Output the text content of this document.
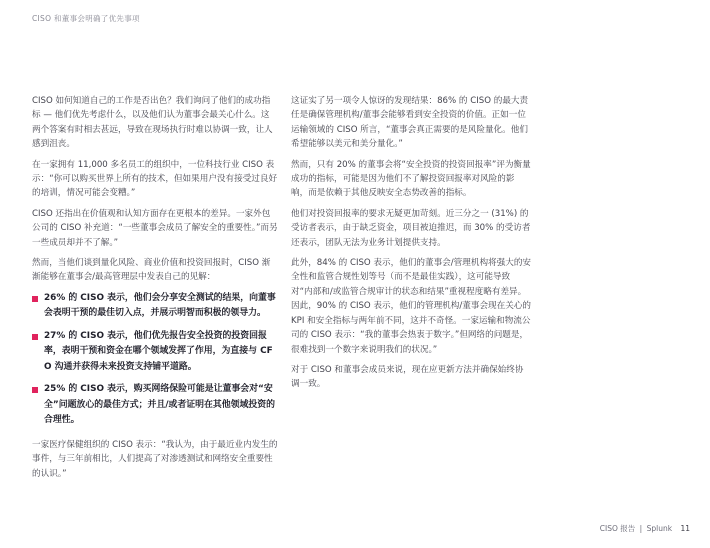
CISO 和董事会明确了优先事项

CISO 如何知道自己的工作是否出色？我们询问了他们的成功指标 — 他们优先考虑什么，以及他们认为董事会最关心什么。这两个答案有时相去甚远，导致在现场执行时难以协调一致，让人感到沮丧。

在一家拥有 11,000 多名员工的组织中，一位科技行业 CISO 表示：“你可以购买世界上所有的技术，但如果用户没有接受过良好的培训，情况可能会变糟。”

CISO 还指出在价值观和认知方面存在更根本的差异。一家外包公司的 CISO 补充道：“一些董事会成员了解安全的重要性。”而另一些成员却并不了解。”

然而，当他们谈到量化风险、商业价值和投资回报时，CISO 渐渐能够在董事会/最高管理层中发表自己的见解：

26% 的 CISO 表示，他们会分享安全测试的结果，向董事会表明干预的最佳切入点，并展示明智而积极的领导力。
27% 的 CISO 表示，他们优先报告安全投资的投资回报率，表明干预和资金在哪个领域发挥了作用，为直接与 CFO 沟通并获得未来投资支持铺平道路。
25% 的 CISO 表示，购买网络保险可能是让董事会对“安全”问题放心的最佳方式；并且/或者证明在其他领域投资的合理性。

一家医疗保健组织的 CISO 表示：“我认为，由于最近业内发生的事件，与三年前相比，人们提高了对渗透测试和网络安全重要性的认识。”

这证实了另一项令人惊讶的发现结果：86% 的 CISO 的最大责任是确保管理机构/董事会能够看到安全投资的价值。正如一位运输领域的 CISO 所言，“董事会真正需要的是风险量化。他们希望能够以美元和美分量化。”

然而，只有 20% 的董事会将“安全投资的投资回报率”评为衡量成功的指标，可能是因为他们不了解投资回报率对风险的影响，而是依赖于其他反映安全态势改善的指标。

他们对投资回报率的要求无疑更加苛刻。近三分之一 (31%) 的受访者表示，由于缺乏资金，项目被迫推迟，而 30% 的受访者还表示，团队无法为业务计划提供支持。

此外，84% 的 CISO 表示，他们的董事会/管理机构将强大的安全性和监管合规性划等号（而不是最佳实践），这可能导致对“内部和/或监管合规审计的状态和结果”重视程度略有差异。因此，90% 的 CISO 表示，他们的管理机构/董事会现在关心的 KPI 和安全指标与两年前不同，这并不奇怪。一家运输和物流公司的 CISO 表示：“我的董事会热衷于数字。”但网络的问题是，很难找到一个数字来说明我们的状况。”

对于 CISO 和董事会成员来说，现在应更新方法并确保始终协调一致。

CISO 报告 | Splunk 11
